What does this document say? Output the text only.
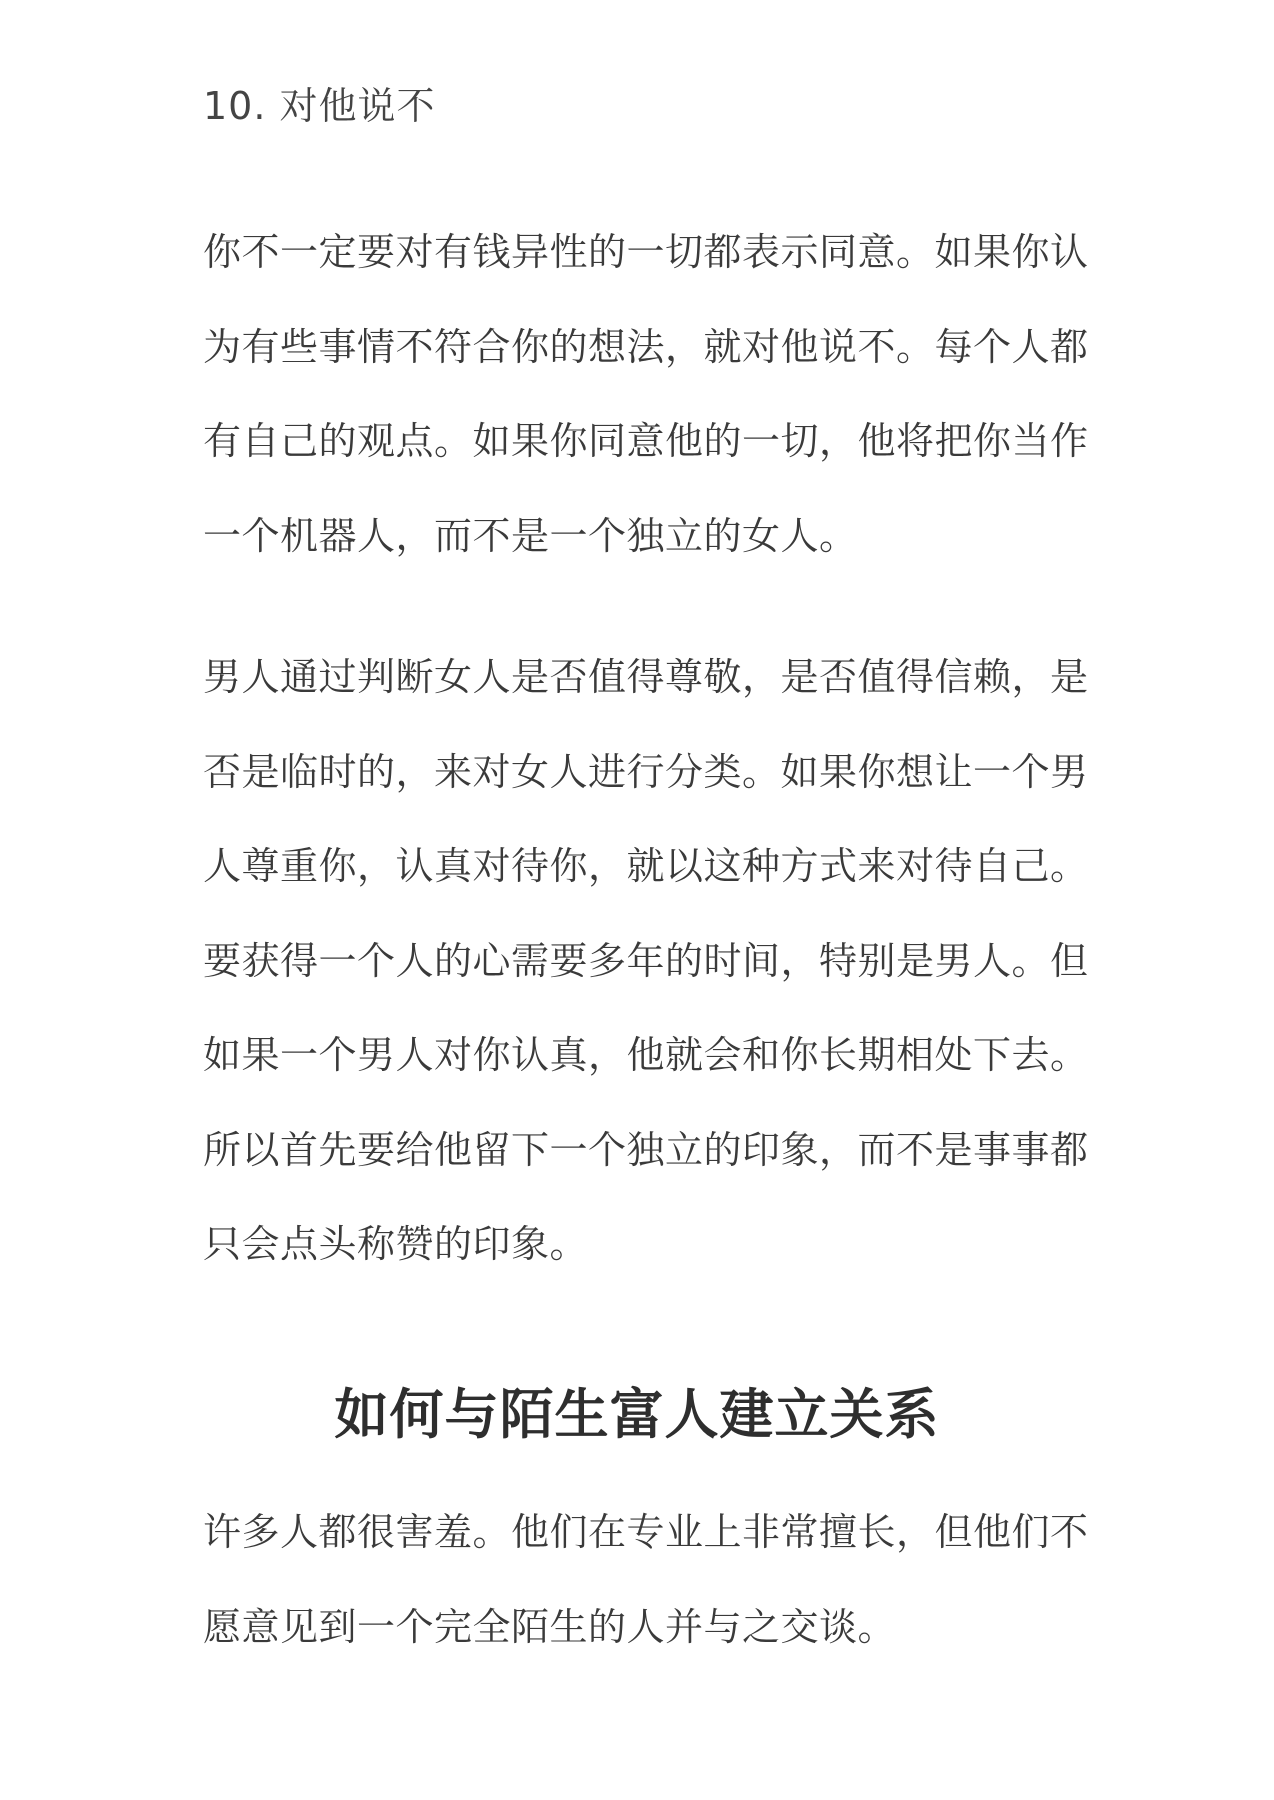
10. 对他说不

你不一定要对有钱异性的一切都表示同意。如果你认为有些事情不符合你的想法，就对他说不。每个人都有自己的观点。如果你同意他的一切，他将把你当作一个机器人，而不是一个独立的女人。

男人通过判断女人是否值得尊敬，是否值得信赖，是否是临时的，来对女人进行分类。如果你想让一个男人尊重你，认真对待你，就以这种方式来对待自己。要获得一个人的心需要多年的时间，特别是男人。但如果一个男人对你认真，他就会和你长期相处下去。所以首先要给他留下一个独立的印象，而不是事事都只会点头称赞的印象。

如何与陌生富人建立关系

许多人都很害羞。他们在专业上非常擅长，但他们不愿意见到一个完全陌生的人并与之交谈。
